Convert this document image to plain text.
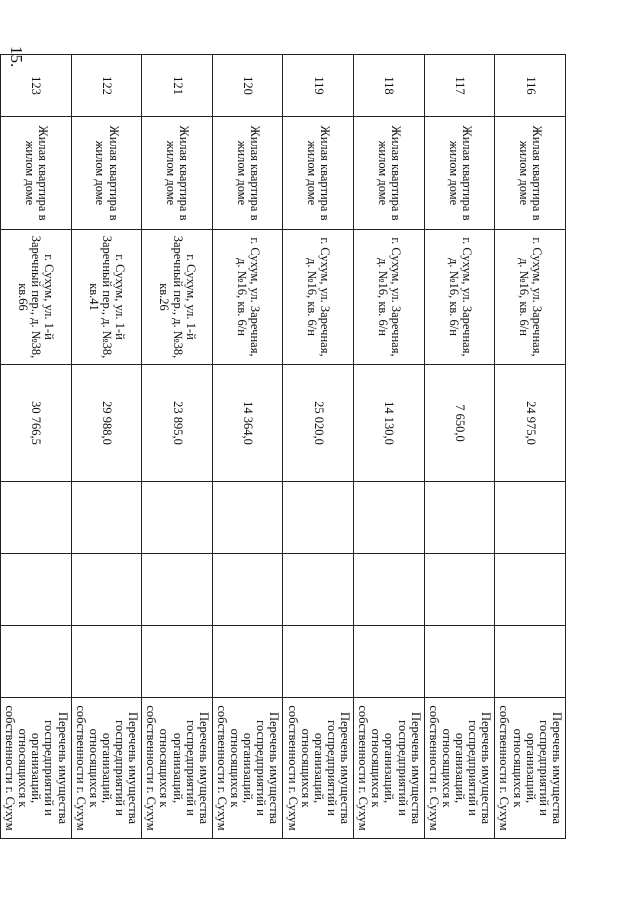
15.
116	Жилая квартира в жилом доме	г. Сухум, ул. Заречная, д. №16, кв. 6/н	24 975,0				Перечень имущества госпредприятий и организаций, относящихся к собственности г. Сухум
117	Жилая квартира в жилом доме	г. Сухум, ул. Заречная, д. №16, кв. 6/н	7 650,0				Перечень имущества госпредприятий и организаций, относящихся к собственности г. Сухум
118	Жилая квартира в жилом доме	г. Сухум, ул. Заречная, д. №16, кв. 6/н	14 130,0				Перечень имущества госпредприятий и организаций, относящихся к собственности г. Сухум
119	Жилая квартира в жилом доме	г. Сухум, ул. Заречная, д. №16, кв. 6/н	25 020,0				Перечень имущества госпредприятий и организаций, относящихся к собственности г. Сухум
120	Жилая квартира в жилом доме	г. Сухум, ул. Заречная, д. №16, кв. 6/н	14 364,0				Перечень имущества госпредприятий и организаций, относящихся к собственности г. Сухум
121	Жилая квартира в жилом доме	г. Сухум, ул. 1-й Заречный пер., д. №38, кв.26	23 895,0				Перечень имущества госпредприятий и организаций, относящихся к собственности г. Сухум
122	Жилая квартира в жилом доме	г. Сухум, ул. 1-й Заречный пер., д. №38, кв.41	29 988,0				Перечень имущества госпредприятий и организаций, относящихся к собственности г. Сухум
123	Жилая квартира в жилом доме	г. Сухум, ул. 1-й Заречный пер., д. №38, кв.66	30 766,5				Перечень имущества госпредприятий и организаций, относящихся к собственности г. Сухум
